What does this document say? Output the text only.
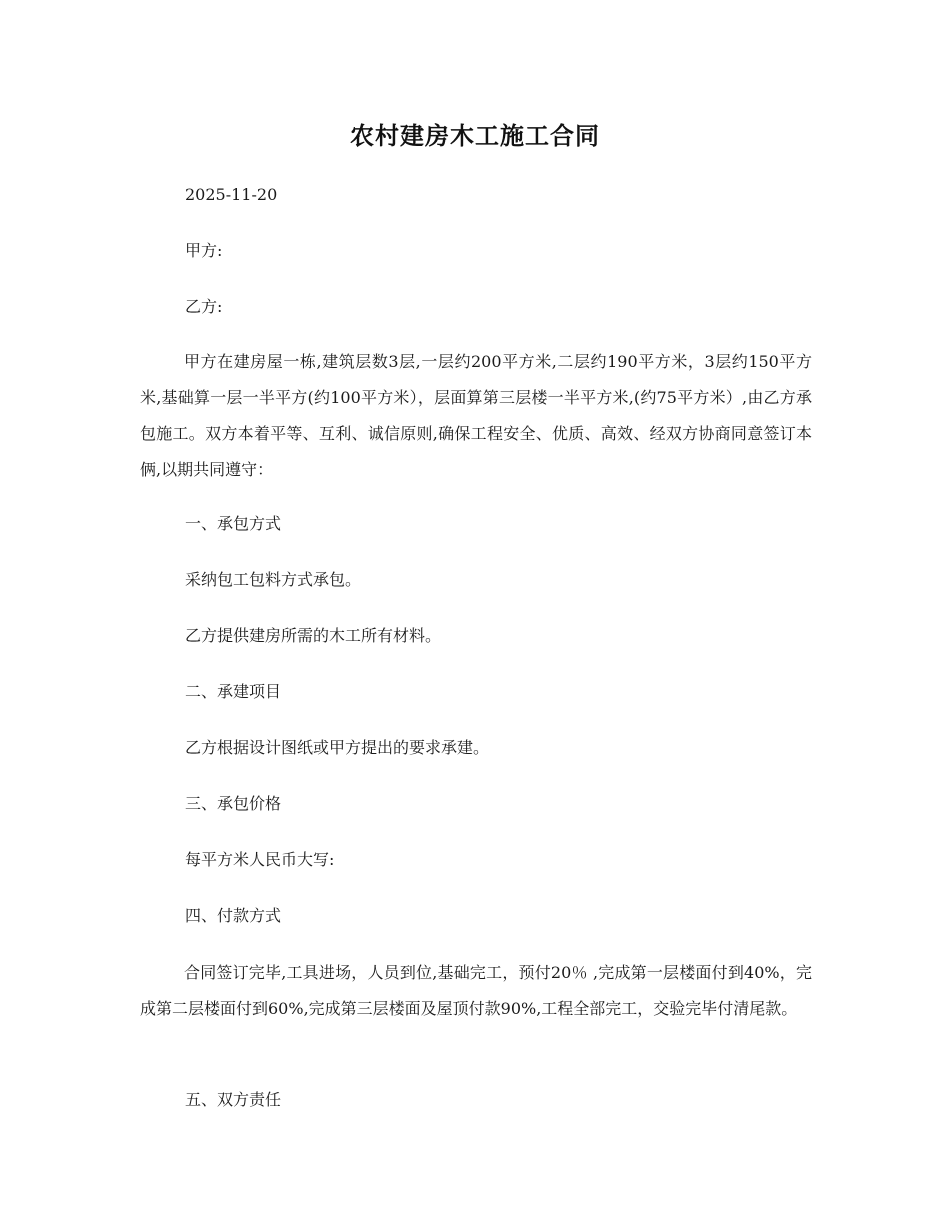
农村建房木工施工合同

2025-11-20

甲方:

乙方:

甲方在建房屋一栋,建筑层数3层,一层约200平方米,二层约190平方米，3层约150平方米,基础算一层一半平方(约100平方米），层面算第三层楼一半平方米,(约75平方米）,由乙方承包施工。双方本着平等、互利、诚信原则,确保工程安全、优质、高效、经双方协商同意签订本俩,以期共同遵守：

一、承包方式

采纳包工包料方式承包。

乙方提供建房所需的木工所有材料。

二、承建项目

乙方根据设计图纸或甲方提出的要求承建。

三、承包价格

每平方米人民币大写:

四、付款方式

合同签订完毕,工具进场，人员到位,基础完工，预付20％ ,完成第一层楼面付到40%，完成第二层楼面付到60%,完成第三层楼面及屋顶付款90%,工程全部完工，交验完毕付清尾款。

五、双方责任
